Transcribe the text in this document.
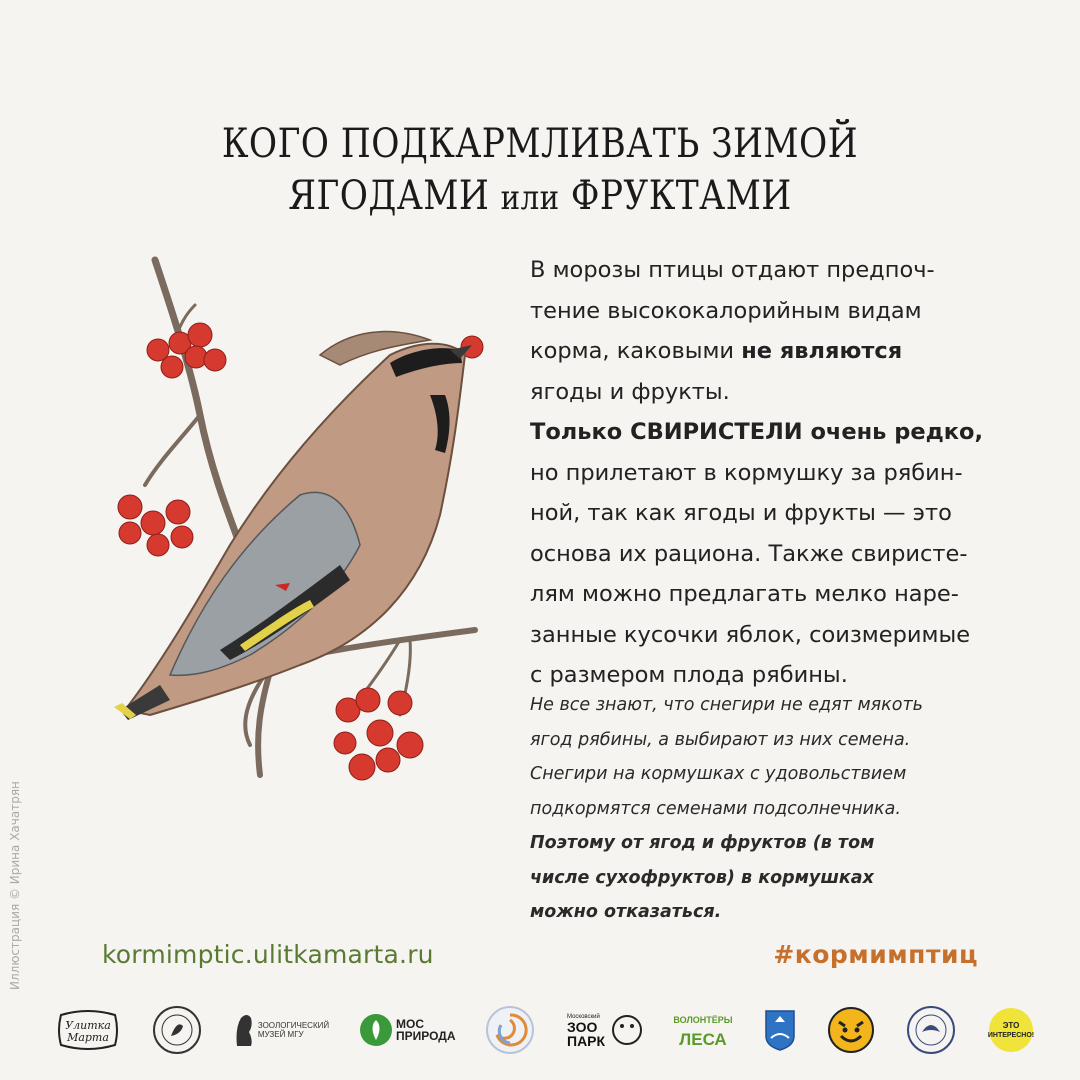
КОГО ПОДКАРМЛИВАТЬ ЗИМОЙ
ЯГОДАМИ или ФРУКТАМИ

В морозы птицы отдают предпоч-

тение высококалорийным видам

корма, каковыми не являются

ягоды и фрукты.

Только СВИРИСТЕЛИ очень редко,

но прилетают в кормушку за рябин-

ной, так как ягоды и фрукты — это

основа их рациона. Также свиристе-

лям можно предлагать мелко наре-

занные кусочки яблок, соизмеримые

с размером плода рябины.

Не все знают, что снегири не едят мякоть

ягод рябины, а выбирают из них семена.

Снегири на кормушках с удовольствием

подкормятся семенами подсолнечника.

Поэтому от ягод и фруктов (в том

числе сухофруктов) в кормушках

можно отказаться.

kormimptic.ulitkamarta.ru	#кормимптиц
Иллюстрация © Ирина Хачатрян
Улитка
Марта
ЗООЛОГИЧЕСКИЙ
МУЗЕЙ МГУ
МОС
ПРИРОДА
Московский
ЗОО
ПАРК
ВОЛОНТЁРЫ
ЛЕСА
ЭТО
ИНТЕРЕСНО!
